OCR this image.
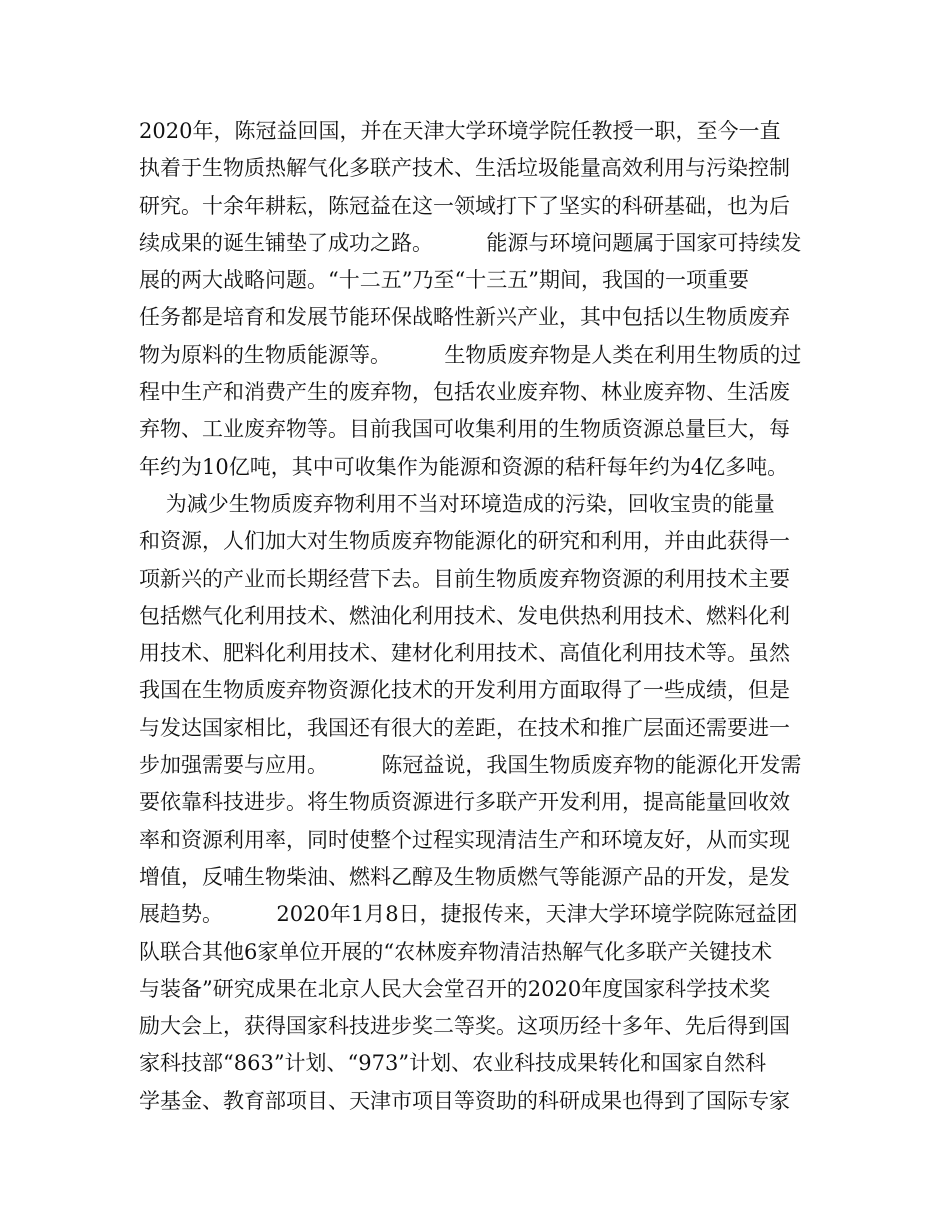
2020年，陈冠益回国，并在天津大学环境学院任教授一职，至今一直
执着于生物质热解气化多联产技术、生活垃圾能量高效利用与污染控制
研究。十余年耕耘，陈冠益在这一领域打下了坚实的科研基础，也为后
续成果的诞生铺垫了成功之路。        能源与环境问题属于国家可持续发
展的两大战略问题。“十二五”乃至“十三五”期间，我国的一项重要
任务都是培育和发展节能环保战略性新兴产业，其中包括以生物质废弃
物为原料的生物质能源等。        生物质废弃物是人类在利用生物质的过
程中生产和消费产生的废弃物，包括农业废弃物、林业废弃物、生活废
弃物、工业废弃物等。目前我国可收集利用的生物质资源总量巨大，每
年约为10亿吨，其中可收集作为能源和资源的秸秆每年约为4亿多吨。
为减少生物质废弃物利用不当对环境造成的污染，回收宝贵的能量
和资源，人们加大对生物质废弃物能源化的研究和利用，并由此获得一
项新兴的产业而长期经营下去。目前生物质废弃物资源的利用技术主要
包括燃气化利用技术、燃油化利用技术、发电供热利用技术、燃料化利
用技术、肥料化利用技术、建材化利用技术、高值化利用技术等。虽然
我国在生物质废弃物资源化技术的开发利用方面取得了一些成绩，但是
与发达国家相比，我国还有很大的差距，在技术和推广层面还需要进一
步加强需要与应用。        陈冠益说，我国生物质废弃物的能源化开发需
要依靠科技进步。将生物质资源进行多联产开发利用，提高能量回收效
率和资源利用率，同时使整个过程实现清洁生产和环境友好，从而实现
增值，反哺生物柴油、燃料乙醇及生物质燃气等能源产品的开发，是发
展趋势。        2020年1月8日，捷报传来，天津大学环境学院陈冠益团
队联合其他6家单位开展的“农林废弃物清洁热解气化多联产关键技术
与装备”研究成果在北京人民大会堂召开的2020年度国家科学技术奖
励大会上，获得国家科技进步奖二等奖。这项历经十多年、先后得到国
家科技部“863”计划、“973”计划、农业科技成果转化和国家自然科
学基金、教育部项目、天津市项目等资助的科研成果也得到了国际专家
